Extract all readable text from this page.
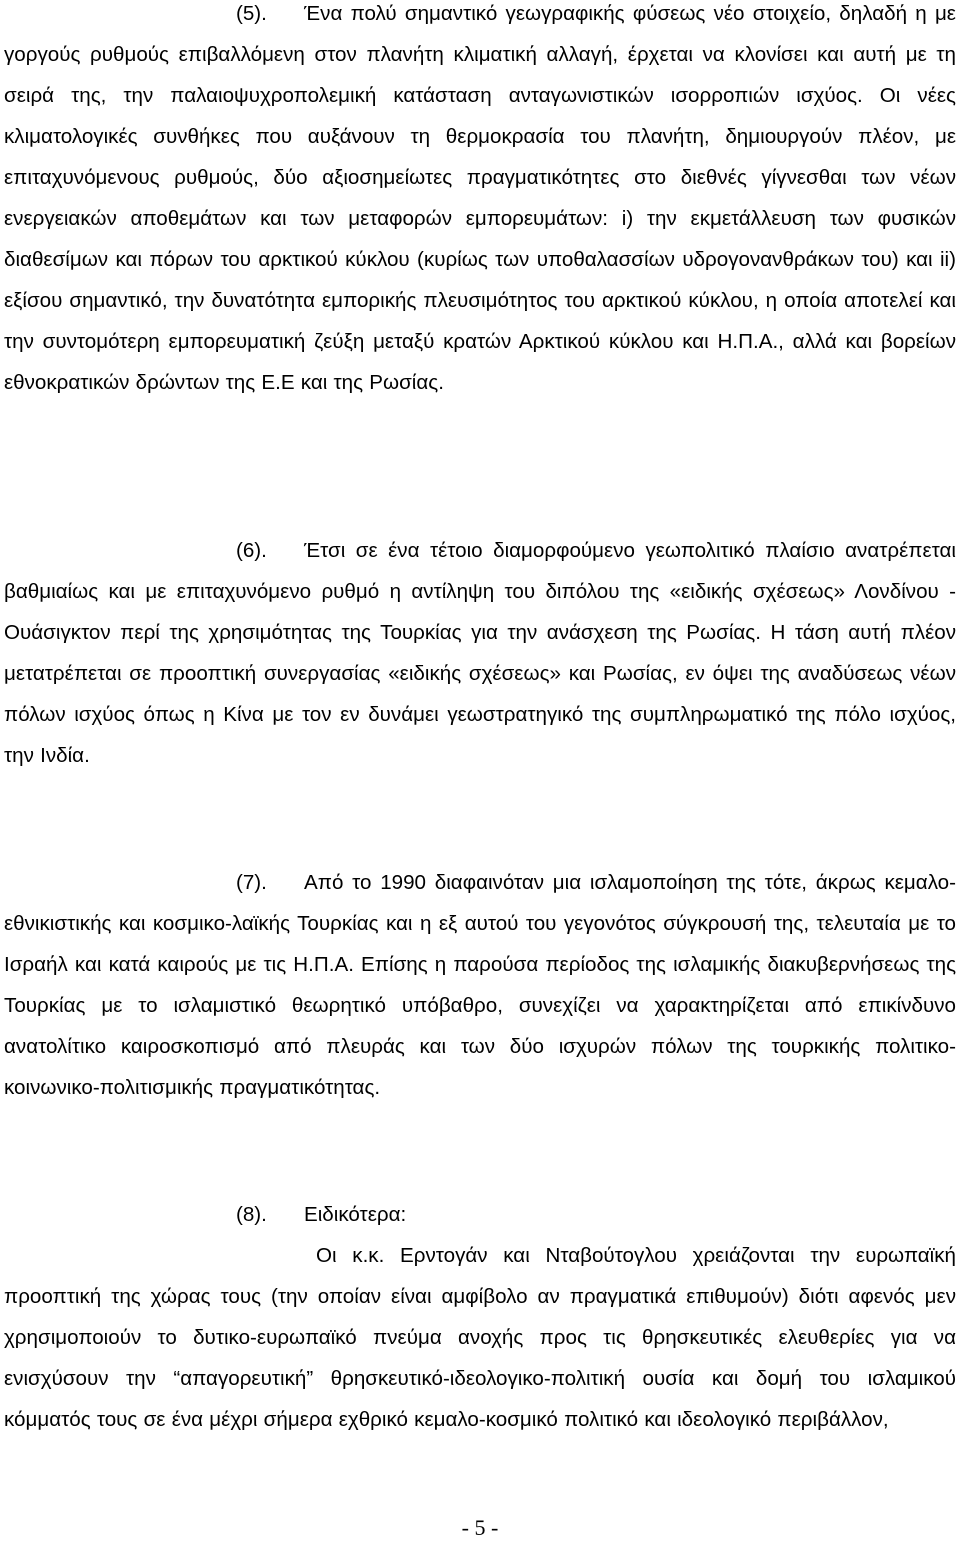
(5). Ένα πολύ σημαντικό γεωγραφικής φύσεως νέο στοιχείο, δηλαδή η με γοργούς ρυθμούς επιβαλλόμενη στον πλανήτη κλιματική αλλαγή, έρχεται να κλονίσει και αυτή με τη σειρά της, την παλαιοψυχροπολεμική κατάσταση ανταγωνιστικών ισορροπιών ισχύος. Οι νέες κλιματολογικές συνθήκες που αυξάνουν τη θερμοκρασία του πλανήτη, δημιουργούν πλέον, με επιταχυνόμενους ρυθμούς, δύο αξιοσημείωτες πραγματικότητες στο διεθνές γίγνεσθαι των νέων ενεργειακών αποθεμάτων και των μεταφορών εμπορευμάτων: i) την εκμετάλλευση των φυσικών διαθεσίμων και πόρων του αρκτικού κύκλου (κυρίως των υποθαλασσίων υδρογονανθράκων του) και ii) εξίσου σημαντικό, την δυνατότητα εμπορικής πλευσιμότητος του αρκτικού κύκλου, η οποία αποτελεί και την συντομότερη εμπορευματική ζεύξη μεταξύ κρατών Αρκτικού κύκλου και Η.Π.Α., αλλά και βορείων εθνοκρατικών δρώντων της Ε.Ε και της Ρωσίας.

(6). Έτσι σε ένα τέτοιο διαμορφούμενο γεωπολιτικό πλαίσιο ανατρέπεται βαθμιαίως και με επιταχυνόμενο ρυθμό η αντίληψη του διπόλου της «ειδικής σχέσεως» Λονδίνου - Ουάσιγκτον περί της χρησιμότητας της Τουρκίας για την ανάσχεση της Ρωσίας. Η τάση αυτή πλέον μετατρέπεται σε προοπτική συνεργασίας «ειδικής σχέσεως» και Ρωσίας, εν όψει της αναδύσεως νέων πόλων ισχύος όπως η Κίνα με τον εν δυνάμει γεωστρατηγικό της συμπληρωματικό της πόλο ισχύος, την Ινδία.

(7). Από το 1990 διαφαινόταν μια ισλαμοποίηση της τότε, άκρως κεμαλο-εθνικιστικής και κοσμικο-λαϊκής Τουρκίας και η εξ αυτού του γεγονότος σύγκρουσή της, τελευταία με το Ισραήλ και κατά καιρούς με τις Η.Π.Α. Επίσης η παρούσα περίοδος της ισλαμικής διακυβερνήσεως της Τουρκίας με το ισλαμιστικό θεωρητικό υπόβαθρο, συνεχίζει να χαρακτηρίζεται από επικίνδυνο ανατολίτικο καιροσκοπισμό από πλευράς και των δύο ισχυρών πόλων της τουρκικής πολιτικο-κοινωνικο-πολιτισμικής πραγματικότητας.

(8). Ειδικότερα:

Οι κ.κ. Ερντογάν και Νταβούτογλου χρειάζονται την ευρωπαϊκή προοπτική της χώρας τους (την οποίαν είναι αμφίβολο αν πραγματικά επιθυμούν) διότι αφενός μεν χρησιμοποιούν το δυτικο-ευρωπαϊκό πνεύμα ανοχής προς τις θρησκευτικές ελευθερίες για να ενισχύσουν την “απαγορευτική” θρησκευτικό-ιδεολογικο-πολιτική ουσία και δομή του ισλαμικού κόμματός τους σε ένα μέχρι σήμερα εχθρικό κεμαλο-κοσμικό πολιτικό και ιδεολογικό περιβάλλον,

- 5 -
